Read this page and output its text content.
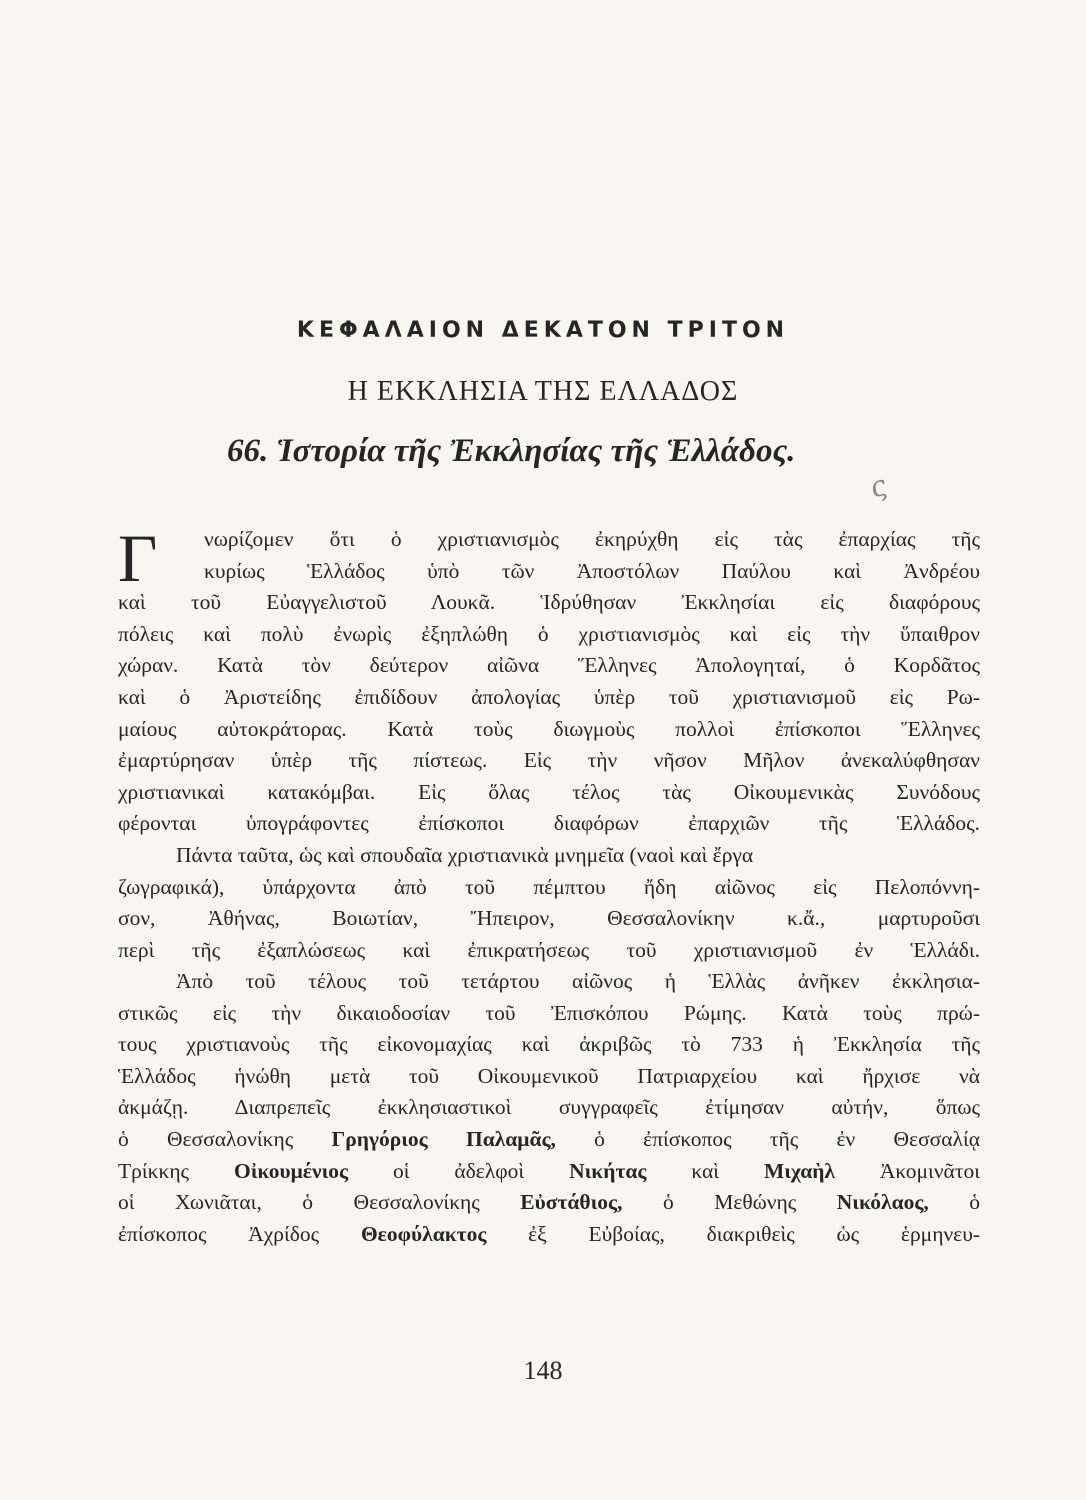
ΚΕΦΑΛΑΙΟΝ ΔΕΚΑΤΟΝ ΤΡΙΤΟΝ
Η ΕΚΚΛΗΣΙΑ ΤΗΣ ΕΛΛΑΔΟΣ
66. Ἱστορία τῆς Ἐκκλησίας τῆς Ἑλλάδος.
ς
Γ	νωρίζομεν ὅτι ὁ χριστιανισμὸς ἐκηρύχθη εἰς τὰς ἐπαρχίας τῆς
κυρίως Ἑλλάδος ὑπὸ τῶν Ἀποστόλων Παύλου καὶ Ἀνδρέου
καὶ τοῦ Εὐαγγελιστοῦ Λουκᾶ. Ἱδρύθησαν Ἐκκλησίαι εἰς διαφόρους
πόλεις καὶ πολὺ ἐνωρὶς ἐξηπλώθη ὁ χριστιανισμὸς καὶ εἰς τὴν ὕπαιθρον
χώραν. Κατὰ τὸν δεύτερον αἰῶνα Ἕλληνες Ἀπολογηταί, ὁ Κορδᾶτος
καὶ ὁ Ἀριστείδης ἐπιδίδουν ἀπολογίας ὑπὲρ τοῦ χριστιανισμοῦ εἰς Ρω-
μαίους αὐτοκράτορας. Κατὰ τοὺς διωγμοὺς πολλοὶ ἐπίσκοποι Ἕλληνες
ἐμαρτύρησαν ὑπὲρ τῆς πίστεως. Εἰς τὴν νῆσον Μῆλον ἀνεκαλύφθησαν
χριστιανικαὶ κατακόμβαι. Εἰς ὅλας τέλος τὰς Οἰκουμενικὰς Συνόδους
φέρονται ὑπογράφοντες ἐπίσκοποι διαφόρων ἐπαρχιῶν τῆς Ἑλλάδος.
Πάντα ταῦτα, ὡς καὶ σπουδαῖα χριστιανικὰ μνημεῖα (ναοὶ καὶ ἔργα
ζωγραφικά), ὑπάρχοντα ἀπὸ τοῦ πέμπτου ἤδη αἰῶνος εἰς Πελοπόννη-
σον, Ἀθήνας, Βοιωτίαν, Ἤπειρον, Θεσσαλονίκην κ.ἄ., μαρτυροῦσι
περὶ τῆς ἐξαπλώσεως καὶ ἐπικρατήσεως τοῦ χριστιανισμοῦ ἐν Ἑλλάδι.
Ἀπὸ τοῦ τέλους τοῦ τετάρτου αἰῶνος ἡ Ἑλλὰς ἀνῆκεν ἐκκλησια-
στικῶς εἰς τὴν δικαιοδοσίαν τοῦ Ἐπισκόπου Ρώμης. Κατὰ τοὺς πρώ-
τους χριστιανοὺς τῆς εἰκονομαχίας καὶ ἀκριβῶς τὸ 733 ἡ Ἐκκλησία τῆς
Ἑλλάδος ἡνώθη μετὰ τοῦ Οἰκουμενικοῦ Πατριαρχείου καὶ ἤρχισε νὰ
ἀκμάζῃ. Διαπρεπεῖς ἐκκλησιαστικοὶ συγγραφεῖς ἐτίμησαν αὐτήν, ὅπως
ὁ Θεσσαλονίκης Γρηγόριος Παλαμᾶς, ὁ ἐπίσκοπος τῆς ἐν Θεσσαλίᾳ
Τρίκκης Οἰκουμένιος οἱ ἀδελφοὶ Νικήτας καὶ Μιχαὴλ Ἀκομινᾶτοι
οἱ Χωνιᾶται, ὁ Θεσσαλονίκης Εὐστάθιος, ὁ Μεθώνης Νικόλαος, ὁ
ἐπίσκοπος Ἀχρίδος Θεοφύλακτος ἐξ Εὐβοίας, διακριθεὶς ὡς ἑρμηνευ-
148
